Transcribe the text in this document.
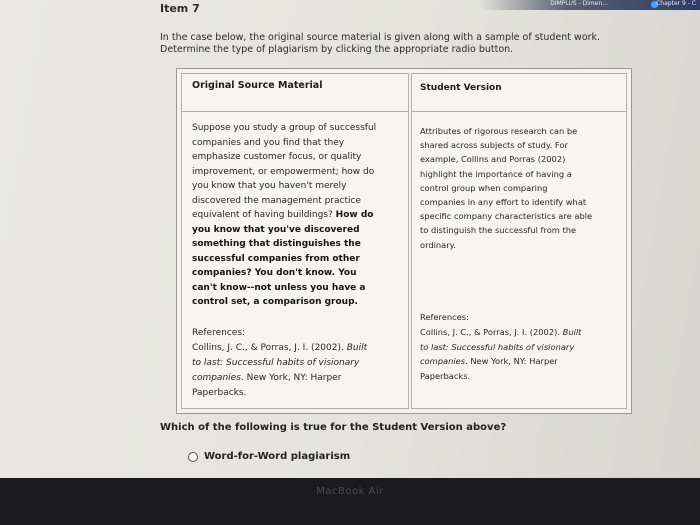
DIMPLUS - Dimen...	Chapter 9 - C
Item 7
In the case below, the original source material is given along with a sample of student work.
Determine the type of plagiarism by clicking the appropriate radio button.
Original Source Material
Suppose you study a group of successful
companies and you find that they
emphasize customer focus, or quality
improvement, or empowerment; how do
you know that you haven't merely
discovered the management practice
equivalent of having buildings? How do
you know that you've discovered
something that distinguishes the
successful companies from other
companies? You don't know. You
can't know--not unless you have a
control set, a comparison group.
References:
Collins, J. C., & Porras, J. I. (2002). Built
to last: Successful habits of visionary
companies. New York, NY: Harper
Paperbacks.
Student Version
Attributes of rigorous research can be
shared across subjects of study. For
example, Collins and Porras (2002)
highlight the importance of having a
control group when comparing
companies in any effort to identify what
specific company characteristics are able
to distinguish the successful from the
ordinary.
References:
Collins, J. C., & Porras, J. I. (2002). Built
to last: Successful habits of visionary
companies. New York, NY: Harper
Paperbacks.
Which of the following is true for the Student Version above?
Word-for-Word plagiarism
MacBook Air
